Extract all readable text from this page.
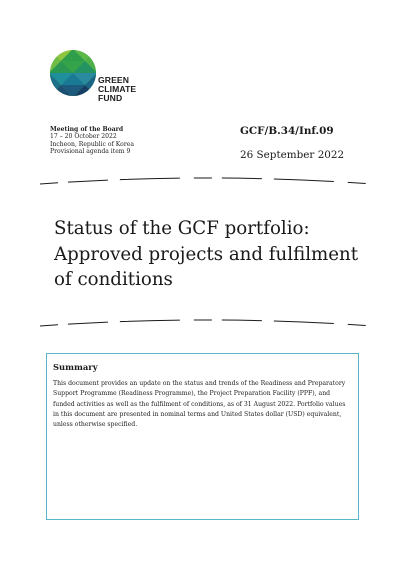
GREEN
CLIMATE
FUND
Meeting of the Board
17 – 20 October 2022
Incheon, Republic of Korea
Provisional agenda item 9
GCF/B.34/Inf.09
26 September 2022
Status of the GCF portfolio: Approved projects and fulfilment of conditions
Summary
This document provides an update on the status and trends of the Readiness and Preparatory Support Programme (Readiness Programme), the Project Preparation Facility (PPF), and funded activities as well as the fulfilment of conditions, as of 31 August 2022. Portfolio values in this document are presented in nominal terms and United States dollar (USD) equivalent, unless otherwise specified.
